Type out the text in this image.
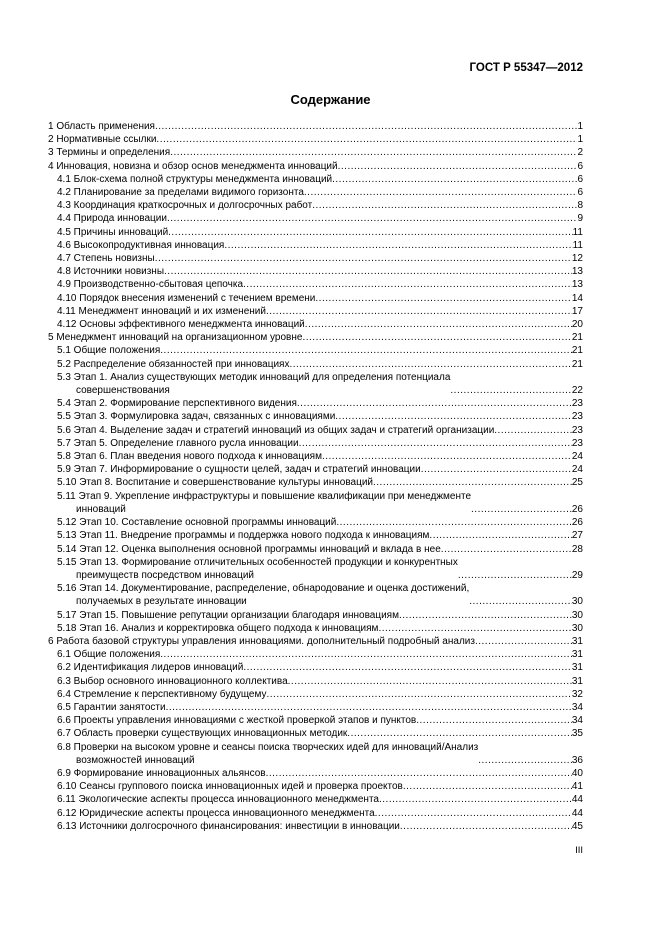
ГОСТ Р 55347—2012
Содержание
1 Область применения .....	1
2 Нормативные ссылки .....	1
3 Термины и определения .....	2
4 Инновация, новизна и обзор основ менеджмента инноваций .....	6
4.1 Блок-схема полной структуры менеджмента инноваций .....	6
4.2 Планирование за пределами видимого горизонта .....	6
4.3 Координация краткосрочных и долгосрочных работ .....	8
4.4 Природа инновации .....	9
4.5 Причины инноваций .....	11
4.6 Высокопродуктивная инновация .....	11
4.7 Степень новизны .....	12
4.8 Источники новизны .....	13
4.9 Производственно-сбытовая цепочка .....	13
4.10 Порядок внесения изменений с течением времени .....	14
4.11 Менеджмент инноваций и их изменений .....	17
4.12 Основы эффективного менеджмента инноваций .....	20
5 Менеджмент инноваций на организационном уровне .....	21
5.1 Общие положения .....	21
5.2 Распределение обязанностей при инновациях .....	21
5.3 Этап 1. Анализ существующих методик инноваций для определения потенциала
совершенствования .....	22
5.4 Этап 2. Формирование перспективного видения .....	23
5.5 Этап 3. Формулировка задач, связанных с инновациями .....	23
5.6 Этап 4. Выделение задач и стратегий инноваций из общих задач и стратегий организации .....	23
5.7 Этап 5. Определение главного русла инновации .....	23
5.8 Этап 6. План введения нового подхода к инновациям .....	24
5.9 Этап 7. Информирование о сущности целей, задач и стратегий инновации .....	24
5.10 Этап 8. Воспитание и совершенствование культуры инноваций .....	25
5.11 Этап 9. Укрепление инфраструктуры и повышение квалификации при менеджменте
инноваций .....	26
5.12 Этап 10. Составление основной программы инноваций .....	26
5.13 Этап 11. Внедрение программы и поддержка нового подхода к инновациям .....	27
5.14 Этап 12. Оценка выполнения основной программы инноваций и вклада в нее .....	28
5.15 Этап 13. Формирование отличительных особенностей продукции и конкурентных
преимуществ посредством инноваций .....	29
5.16 Этап 14. Документирование, распределение, обнародование и оценка достижений,
получаемых в результате инновации .....	30
5.17 Этап 15. Повышение репутации организации благодаря инновациям .....	30
5.18 Этап 16. Анализ и корректировка общего подхода к инновациям .....	30
6 Работа базовой структуры управления инновациями. дополнительный подробный анализ .....	31
6.1 Общие положения .....	31
6.2 Идентификация лидеров инноваций .....	31
6.3 Выбор основного инновационного коллектива .....	31
6.4 Стремление к перспективному будущему .....	32
6.5 Гарантии занятости .....	34
6.6 Проекты управления инновациями с жесткой проверкой этапов и пунктов .....	34
6.7 Область проверки существующих инновационных методик .....	35
6.8 Проверки на высоком уровне и сеансы поиска творческих идей для инноваций/Анализ
возможностей инноваций .....	36
6.9 Формирование инновационных альянсов .....	40
6.10 Сеансы группового поиска инновационных идей и проверка проектов .....	41
6.11 Экологические аспекты процесса инновационного менеджмента .....	44
6.12 Юридические аспекты процесса инновационного менеджмента .....	44
6.13 Источники долгосрочного финансирования: инвестиции в инновации .....	45
III
